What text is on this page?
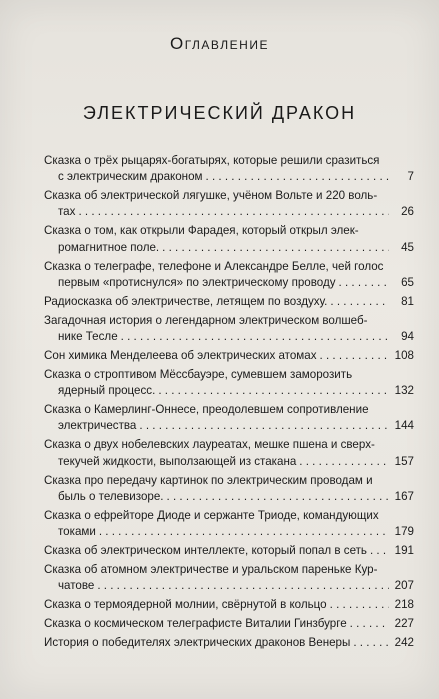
Оглавление
ЭЛЕКТРИЧЕСКИЙ ДРАКОН
Сказка о трёх рыцарях-богатырях, которые решили сразиться
с электрическим драконом . . .	7
Сказка об электрической лягушке, учёном Вольте и 220 воль-
тах . . .	26
Сказка о том, как открыли Фарадея, который открыл элек-
ромагнитное поле. . . .	45
Сказка о телеграфе, телефоне и Александре Белле, чей голос
первым «протиснулся» по электрическому проводу . . .	65
Радиосказка об электричестве, летящем по воздуху. . . .	81
Загадочная история о легендарном электрическом волшеб-
нике Тесле . . .	94
Сон химика Менделеева об электрических атомах . . .	108
Сказка о строптивом Мёссбауэре, сумевшем заморозить
ядерный процесс. . . .	132
Сказка о Камерлинг-Оннесе, преодолевшем сопротивление
электричества . . .	144
Сказка о двух нобелевских лауреатах, мешке пшена и сверх-
текучей жидкости, выползающей из стакана . . .	157
Сказка про передачу картинок по электрическим проводам и
быль о телевизоре. . . .	167
Сказка о ефрейторе Диоде и сержанте Триоде, командующих
токами . . .	179
Сказка об электрическом интеллекте, который попал в сеть . . . 191
Сказка об атомном электричестве и уральском пареньке Кур-
чатове . . .	207
Сказка о термоядерной молнии, свёрнутой в кольцо . . .	218
Сказка о космическом телеграфисте Виталии Гинзбурге . . .	227
История о победителях электрических драконов Венеры . . .	242
